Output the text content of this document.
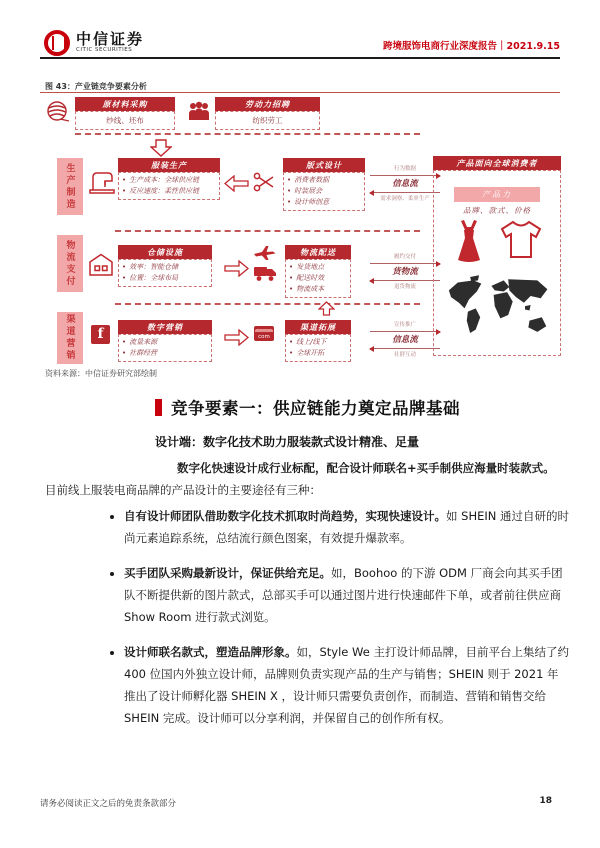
中信证券
CITIC SECURITIES	跨境服饰电商行业深度报告｜2021.9.15
图 43：产业链竞争要素分析
原材料采购
纱线、坯布
劳动力招聘
纺织劳工
生产制造	服装生产
• 生产成本：全球供应链
• 反应速度：柔性供应链
版式设计
• 消费者数据
• 时装展会
• 设计师创意
行为数据
信息流
需求洞察、柔单生产
物流支付	仓储设施
• 效率：智能仓储
• 位置：全球布局
物流配送
• 发货地点
• 配送时效
• 物流成本
履约交付
货物流
退货物流
渠道营销	f	数字营销
• 流量来源
• 社群经营
com
渠道拓展
• 线上/线下
• 全球开拓
宣传推广
信息流
社群互动
产品面向全球消费者
产品力
品牌、款式、价格
资料来源：中信证券研究部绘制
竞争要素一：供应链能力奠定品牌基础
设计端：数字化技术助力服装款式设计精准、足量

数字化快速设计成行业标配，配合设计师联名+买手制供应海量时装款式。目前线上服装电商品牌的产品设计的主要途径有三种：

• 自有设计师团队借助数字化技术抓取时尚趋势，实现快速设计。如 SHEIN 通过自研的时尚元素追踪系统，总结流行颜色图案，有效提升爆款率。
• 买手团队采购最新设计，保证供给充足。如，Boohoo 的下游 ODM 厂商会向其买手团队不断提供新的图片款式，总部买手可以通过图片进行快速邮件下单，或者前往供应商 Show Room 进行款式浏览。
• 设计师联名款式，塑造品牌形象。如，Style We 主打设计师品牌，目前平台上集结了约 400 位国内外独立设计师，品牌则负责实现产品的生产与销售；SHEIN 则于 2021 年推出了设计师孵化器 SHEIN X ，设计师只需要负责创作，而制造、营销和销售交给 SHEIN 完成。设计师可以分享利润，并保留自己的创作所有权。
请务必阅读正文之后的免责条款部分	18
